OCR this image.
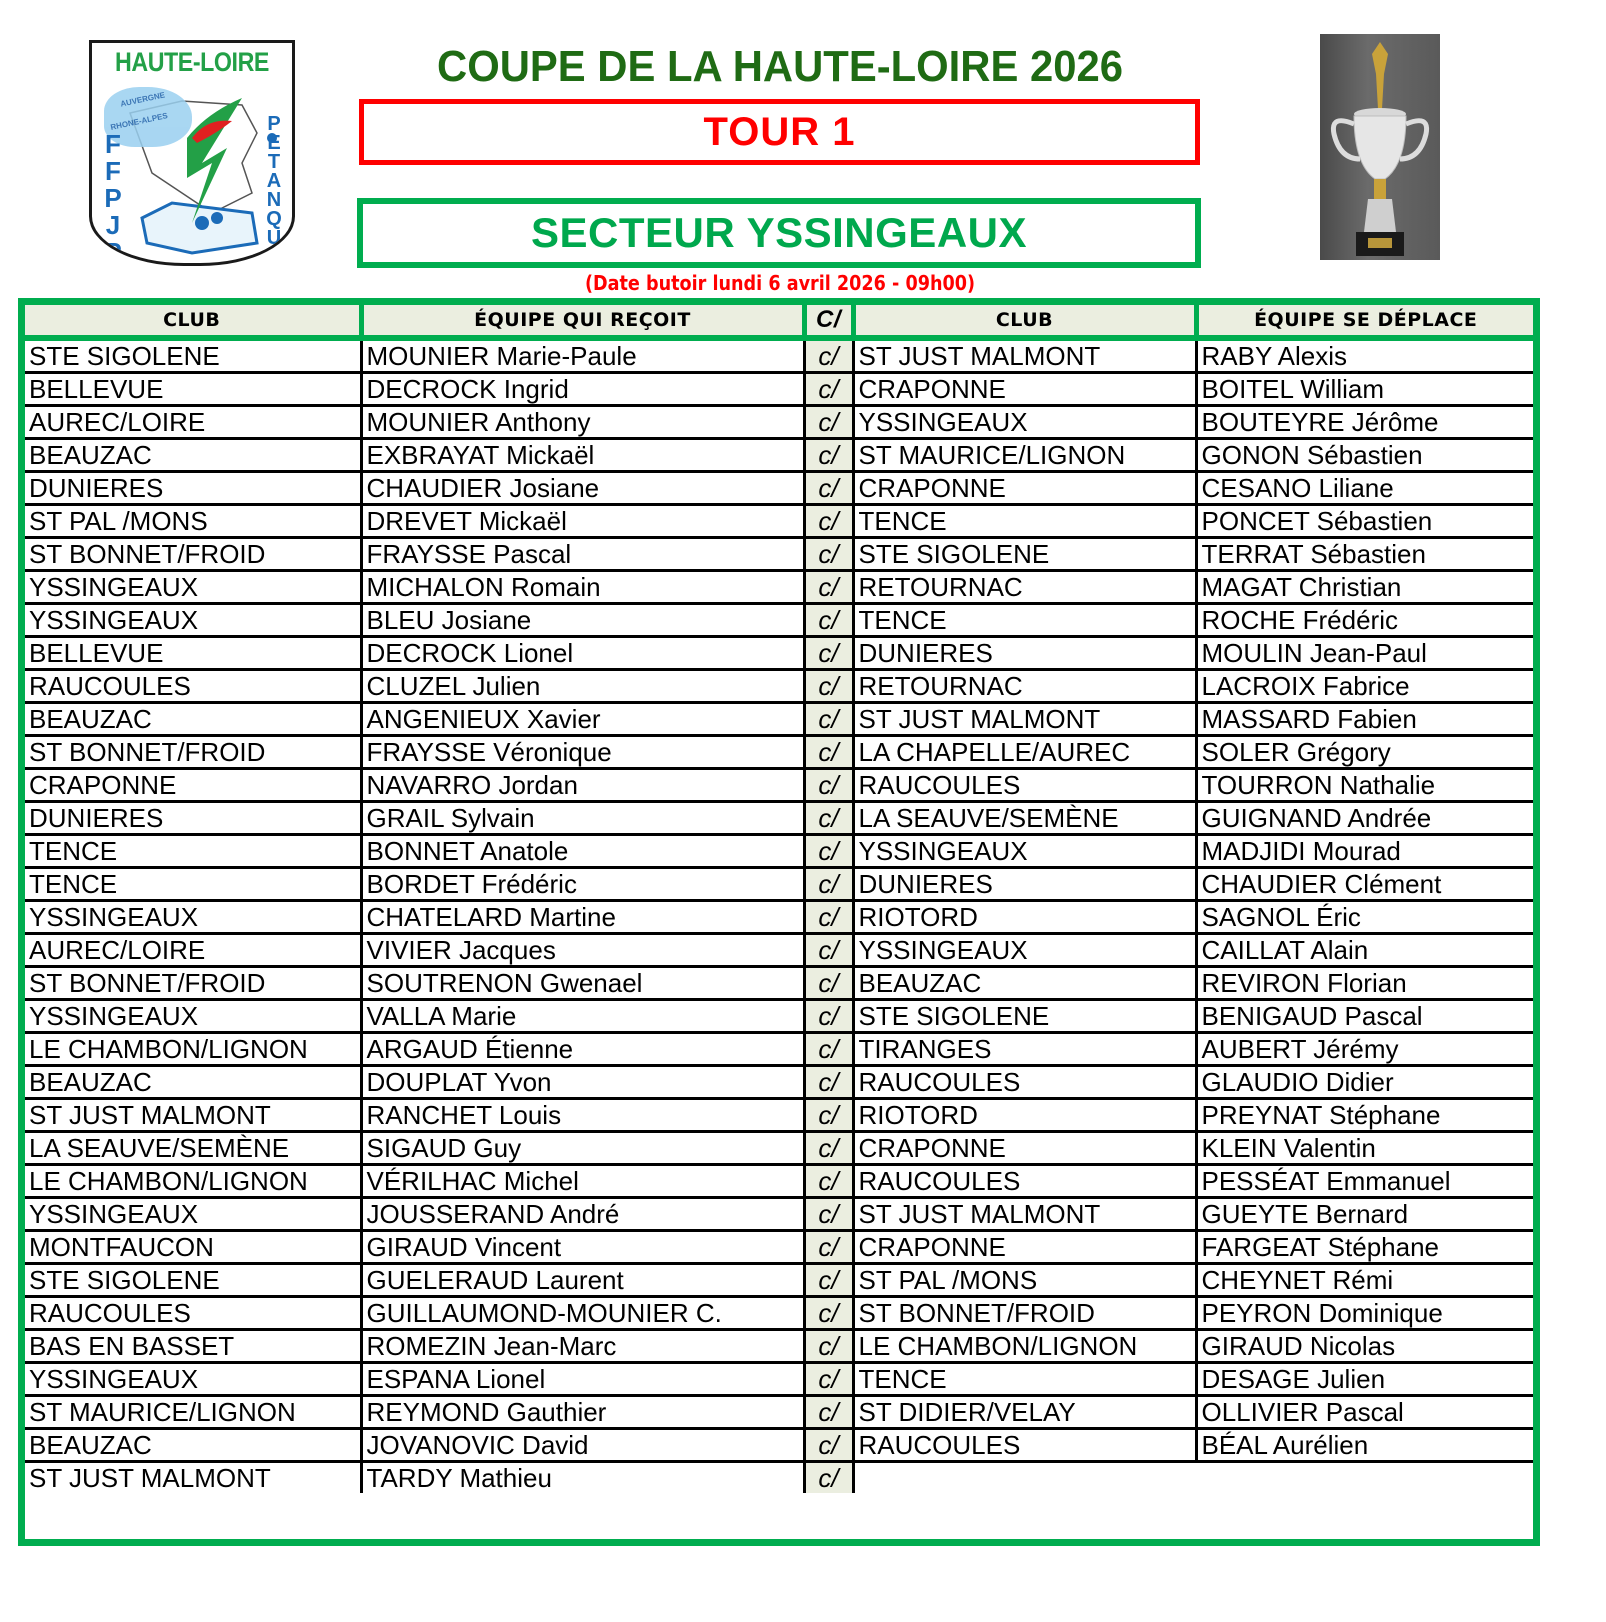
HAUTE-LOIRE
AUVERGNE
RHONE-ALPES
F
F
P
J
P
P
E
T
A
N
Q
U
E
COUPE DE LA HAUTE-LOIRE 2026
TOUR 1
SECTEUR YSSINGEAUX
(Date butoir lundi 6 avril 2026 - 09h00)
CLUB	ÉQUIPE QUI REÇOIT	C/	CLUB	ÉQUIPE SE DÉPLACE
STE SIGOLENE	MOUNIER Marie-Paule	c/	ST JUST MALMONT	RABY Alexis
BELLEVUE	DECROCK Ingrid	c/	CRAPONNE	BOITEL William
AUREC/LOIRE	MOUNIER Anthony	c/	YSSINGEAUX	BOUTEYRE Jérôme
BEAUZAC	EXBRAYAT Mickaël	c/	ST MAURICE/LIGNON	GONON Sébastien
DUNIERES	CHAUDIER Josiane	c/	CRAPONNE	CESANO Liliane
ST PAL /MONS	DREVET Mickaël	c/	TENCE	PONCET Sébastien
ST BONNET/FROID	FRAYSSE Pascal	c/	STE SIGOLENE	TERRAT Sébastien
YSSINGEAUX	MICHALON Romain	c/	RETOURNAC	MAGAT Christian
YSSINGEAUX	BLEU Josiane	c/	TENCE	ROCHE Frédéric
BELLEVUE	DECROCK Lionel	c/	DUNIERES	MOULIN Jean-Paul
RAUCOULES	CLUZEL Julien	c/	RETOURNAC	LACROIX Fabrice
BEAUZAC	ANGENIEUX Xavier	c/	ST JUST MALMONT	MASSARD Fabien
ST BONNET/FROID	FRAYSSE Véronique	c/	LA CHAPELLE/AUREC	SOLER Grégory
CRAPONNE	NAVARRO Jordan	c/	RAUCOULES	TOURRON Nathalie
DUNIERES	GRAIL Sylvain	c/	LA SEAUVE/SEMÈNE	GUIGNAND Andrée
TENCE	BONNET Anatole	c/	YSSINGEAUX	MADJIDI Mourad
TENCE	BORDET Frédéric	c/	DUNIERES	CHAUDIER Clément
YSSINGEAUX	CHATELARD Martine	c/	RIOTORD	SAGNOL Éric
AUREC/LOIRE	VIVIER Jacques	c/	YSSINGEAUX	CAILLAT Alain
ST BONNET/FROID	SOUTRENON Gwenael	c/	BEAUZAC	REVIRON Florian
YSSINGEAUX	VALLA Marie	c/	STE SIGOLENE	BENIGAUD Pascal
LE CHAMBON/LIGNON	ARGAUD Étienne	c/	TIRANGES	AUBERT Jérémy
BEAUZAC	DOUPLAT Yvon	c/	RAUCOULES	GLAUDIO Didier
ST JUST MALMONT	RANCHET Louis	c/	RIOTORD	PREYNAT Stéphane
LA SEAUVE/SEMÈNE	SIGAUD Guy	c/	CRAPONNE	KLEIN Valentin
LE CHAMBON/LIGNON	VÉRILHAC Michel	c/	RAUCOULES	PESSÉAT Emmanuel
YSSINGEAUX	JOUSSERAND André	c/	ST JUST MALMONT	GUEYTE Bernard
MONTFAUCON	GIRAUD Vincent	c/	CRAPONNE	FARGEAT Stéphane
STE SIGOLENE	GUELERAUD Laurent	c/	ST PAL /MONS	CHEYNET Rémi
RAUCOULES	GUILLAUMOND-MOUNIER C.	c/	ST BONNET/FROID	PEYRON Dominique
BAS EN BASSET	ROMEZIN Jean-Marc	c/	LE CHAMBON/LIGNON	GIRAUD Nicolas
YSSINGEAUX	ESPANA Lionel	c/	TENCE	DESAGE Julien
ST MAURICE/LIGNON	REYMOND Gauthier	c/	ST DIDIER/VELAY	OLLIVIER Pascal
BEAUZAC	JOVANOVIC David	c/	RAUCOULES	BÉAL Aurélien
ST JUST MALMONT	TARDY Mathieu	c/		
